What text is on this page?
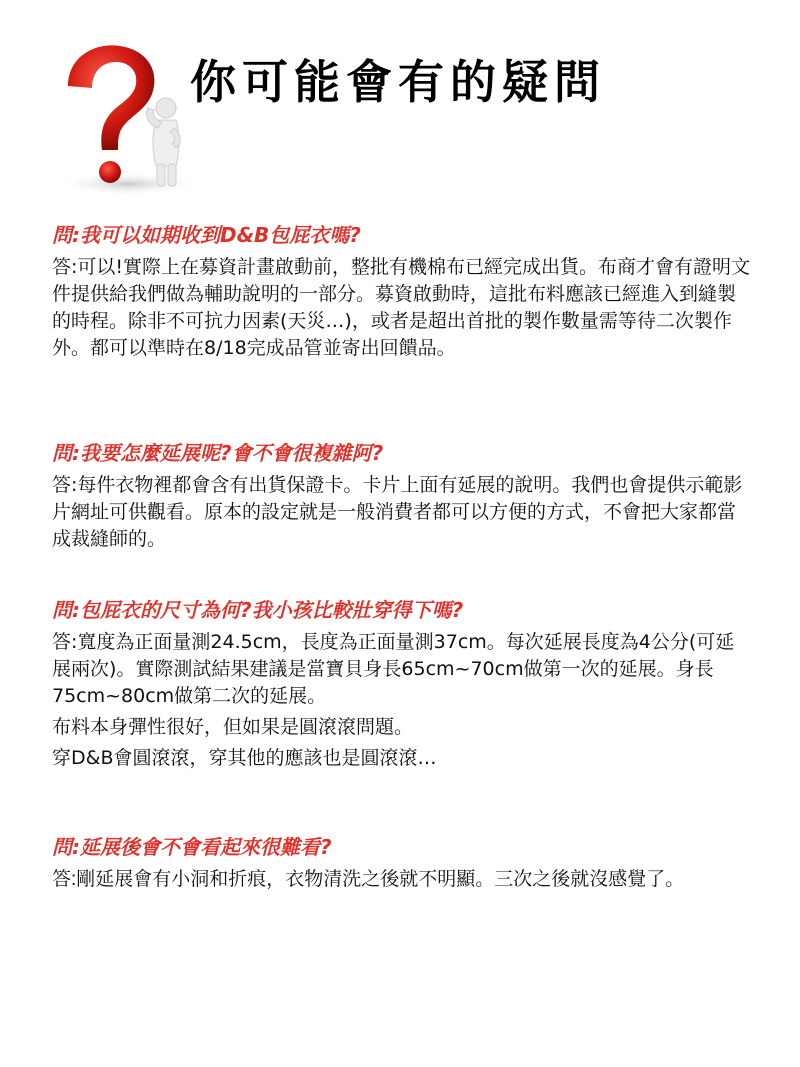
你可能會有的疑問
問:我可以如期收到D&B包屁衣嗎?

答:可以!實際上在募資計畫啟動前，整批有機棉布已經完成出貨。布商才會有證明文件提供給我們做為輔助說明的一部分。募資啟動時，這批布料應該已經進入到縫製的時程。除非不可抗力因素(天災…)，或者是超出首批的製作數量需等待二次製作外。都可以準時在8/18完成品管並寄出回饋品。

問:我要怎麼延展呢?會不會很複雜阿?

答:每件衣物裡都會含有出貨保證卡。卡片上面有延展的說明。我們也會提供示範影片網址可供觀看。原本的設定就是一般消費者都可以方便的方式，不會把大家都當成裁縫師的。

問:包屁衣的尺寸為何?我小孩比較壯穿得下嗎?

答:寬度為正面量測24.5cm，長度為正面量測37cm。每次延展長度為4公分(可延展兩次)。實際測試結果建議是當寶貝身長65cm~70cm做第一次的延展。身長75cm~80cm做第二次的延展。

布料本身彈性很好，但如果是圓滾滾問題。

穿D&B會圓滾滾，穿其他的應該也是圓滾滾…

問:延展後會不會看起來很難看?

答:剛延展會有小洞和折痕，衣物清洗之後就不明顯。三次之後就沒感覺了。
